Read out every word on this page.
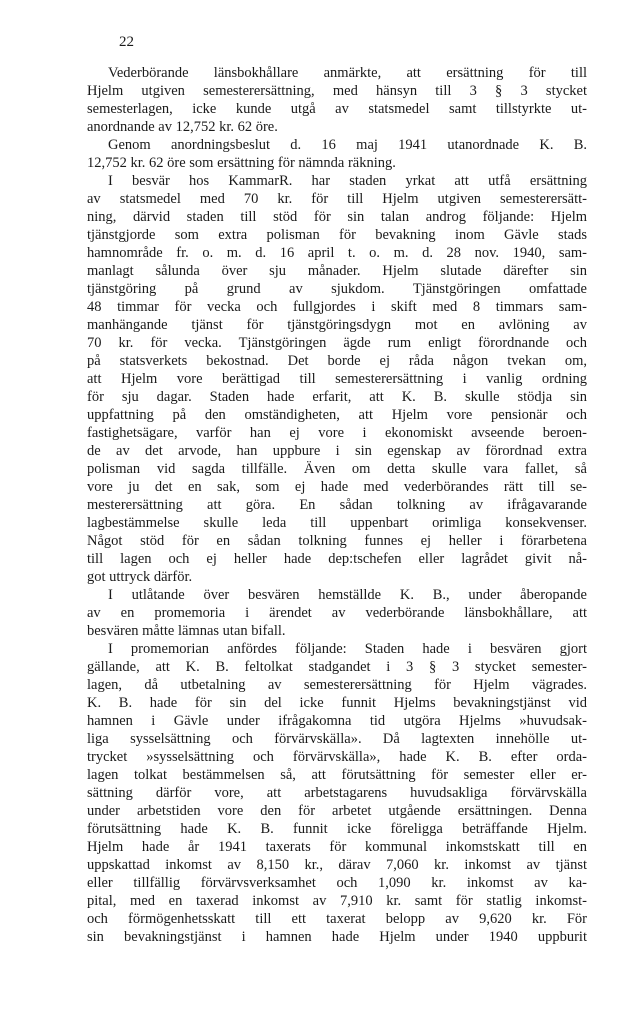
22
Vederbörande länsbokhållare anmärkte, att ersättning för till
Hjelm utgiven semesterersättning, med hänsyn till 3 § 3 stycket
semesterlagen, icke kunde utgå av statsmedel samt tillstyrkte ut-
anordnande av 12,752 kr. 62 öre.
Genom anordningsbeslut d. 16 maj 1941 utanordnade K. B.
12,752 kr. 62 öre som ersättning för nämnda räkning.
I besvär hos KammarR. har staden yrkat att utfå ersättning
av statsmedel med 70 kr. för till Hjelm utgiven semesterersätt-
ning, därvid staden till stöd för sin talan androg följande: Hjelm
tjänstgjorde som extra polisman för bevakning inom Gävle stads
hamnområde fr. o. m. d. 16 april t. o. m. d. 28 nov. 1940, sam-
manlagt sålunda över sju månader. Hjelm slutade därefter sin
tjänstgöring på grund av sjukdom. Tjänstgöringen omfattade
48 timmar för vecka och fullgjordes i skift med 8 timmars sam-
manhängande tjänst för tjänstgöringsdygn mot en avlöning av
70 kr. för vecka. Tjänstgöringen ägde rum enligt förordnande och
på statsverkets bekostnad. Det borde ej råda någon tvekan om,
att Hjelm vore berättigad till semesterersättning i vanlig ordning
för sju dagar. Staden hade erfarit, att K. B. skulle stödja sin
uppfattning på den omständigheten, att Hjelm vore pensionär och
fastighetsägare, varför han ej vore i ekonomiskt avseende beroen-
de av det arvode, han uppbure i sin egenskap av förordnad extra
polisman vid sagda tillfälle. Även om detta skulle vara fallet, så
vore ju det en sak, som ej hade med vederbörandes rätt till se-
mesterersättning att göra. En sådan tolkning av ifrågavarande
lagbestämmelse skulle leda till uppenbart orimliga konsekvenser.
Något stöd för en sådan tolkning funnes ej heller i förarbetena
till lagen och ej heller hade dep:tschefen eller lagrådet givit nå-
got uttryck därför.
I utlåtande över besvären hemställde K. B., under åberopande
av en promemoria i ärendet av vederbörande länsbokhållare, att
besvären måtte lämnas utan bifall.
I promemorian anfördes följande: Staden hade i besvären gjort
gällande, att K. B. feltolkat stadgandet i 3 § 3 stycket semester-
lagen, då utbetalning av semesterersättning för Hjelm vägrades.
K. B. hade för sin del icke funnit Hjelms bevakningstjänst vid
hamnen i Gävle under ifrågakomna tid utgöra Hjelms »huvudsak-
liga sysselsättning och förvärvskälla». Då lagtexten innehölle ut-
trycket »sysselsättning och förvärvskälla», hade K. B. efter orda-
lagen tolkat bestämmelsen så, att förutsättning för semester eller er-
sättning därför vore, att arbetstagarens huvudsakliga förvärvskälla
under arbetstiden vore den för arbetet utgående ersättningen. Denna
förutsättning hade K. B. funnit icke föreligga beträffande Hjelm.
Hjelm hade år 1941 taxerats för kommunal inkomstskatt till en
uppskattad inkomst av 8,150 kr., därav 7,060 kr. inkomst av tjänst
eller tillfällig förvärvsverksamhet och 1,090 kr. inkomst av ka-
pital, med en taxerad inkomst av 7,910 kr. samt för statlig inkomst-
och förmögenhetsskatt till ett taxerat belopp av 9,620 kr. För
sin bevakningstjänst i hamnen hade Hjelm under 1940 uppburit
